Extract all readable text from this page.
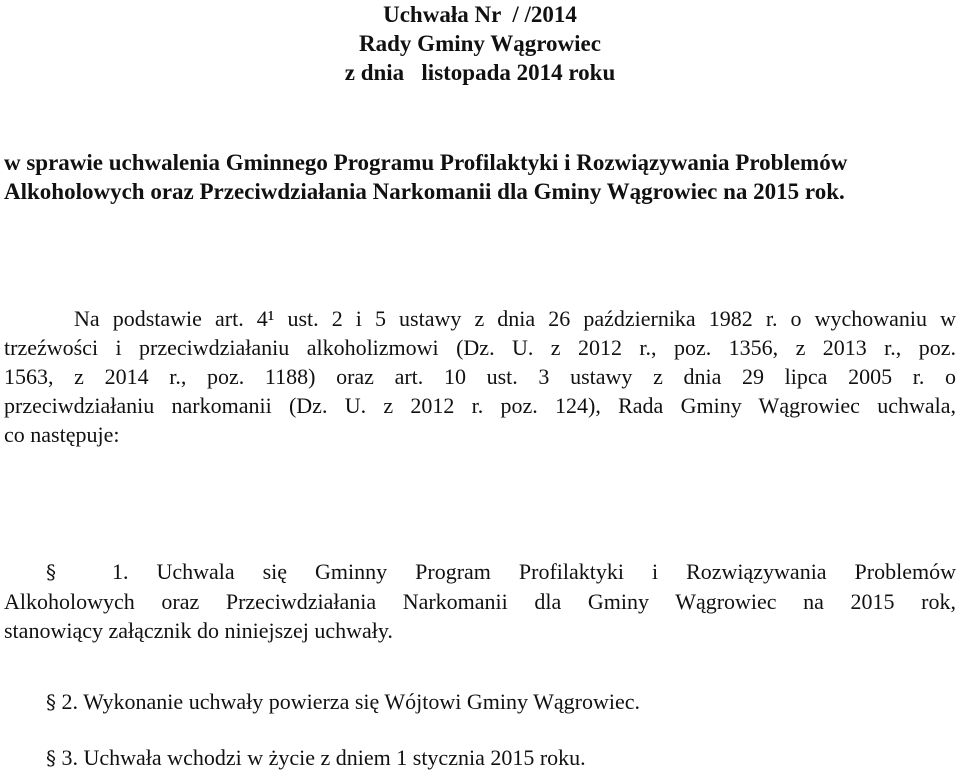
Uchwała Nr  / /2014
Rady Gminy Wągrowiec
z dnia   listopada 2014 roku
w sprawie uchwalenia Gminnego Programu Profilaktyki i Rozwiązywania Problemów
Alkoholowych oraz Przeciwdziałania Narkomanii dla Gminy Wągrowiec na 2015 rok.
Na podstawie art. 4¹ ust. 2 i 5 ustawy z dnia 26 października 1982 r. o wychowaniu w
trzeźwości i przeciwdziałaniu alkoholizmowi (Dz. U. z 2012 r., poz. 1356, z 2013 r., poz.
1563, z 2014 r., poz. 1188) oraz art. 10 ust. 3 ustawy z dnia 29 lipca 2005 r. o
przeciwdziałaniu narkomanii (Dz. U. z 2012 r. poz. 124), Rada Gminy Wągrowiec uchwala,
co następuje:
§	1. Uchwala się Gminny Program Profilaktyki i Rozwiązywania Problemów
Alkoholowych oraz Przeciwdziałania Narkomanii dla Gminy Wągrowiec na 2015 rok,
stanowiący załącznik do niniejszej uchwały.
§ 2. Wykonanie uchwały powierza się Wójtowi Gminy Wągrowiec.
§ 3. Uchwała wchodzi w życie z dniem 1 stycznia 2015 roku.
